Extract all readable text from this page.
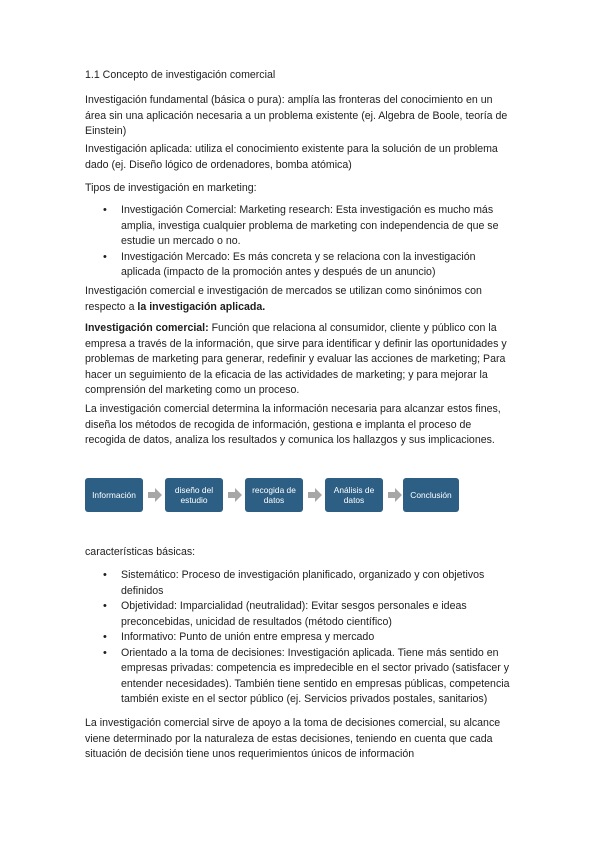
1.1 Concepto de investigación comercial

Investigación fundamental (básica o pura): amplía las fronteras del conocimiento en un área sin una aplicación necesaria a un problema existente (ej. Algebra de Boole, teoría de Einstein)

Investigación aplicada: utiliza el conocimiento existente para la solución de un problema dado (ej. Diseño lógico de ordenadores, bomba atómica)

Tipos de investigación en marketing:

• Investigación Comercial: Marketing research: Esta investigación es mucho más amplia, investiga cualquier problema de marketing con independencia de que se estudie un mercado o no.
• Investigación Mercado: Es más concreta y se relaciona con la investigación aplicada (impacto de la promoción antes y después de un anuncio)

Investigación comercial e investigación de mercados se utilizan como sinónimos con respecto a la investigación aplicada.

Investigación comercial: Función que relaciona al consumidor, cliente y público con la empresa a través de la información, que sirve para identificar y definir las oportunidades y problemas de marketing para generar, redefinir y evaluar las acciones de marketing; Para hacer un seguimiento de la eficacia de las actividades de marketing; y para mejorar la comprensión del marketing como un proceso.

La investigación comercial determina la información necesaria para alcanzar estos fines, diseña los métodos de recogida de información, gestiona e implanta el proceso de recogida de datos, analiza los resultados y comunica los hallazgos y sus implicaciones.

Información	diseño del estudio
recogida de datos
Análisis de datos	Conclusión

características básicas:

• Sistemático: Proceso de investigación planificado, organizado y con objetivos definidos
• Objetividad: Imparcialidad (neutralidad): Evitar sesgos personales e ideas preconcebidas, unicidad de resultados (método científico)
• Informativo: Punto de unión entre empresa y mercado
• Orientado a la toma de decisiones: Investigación aplicada. Tiene más sentido en empresas privadas: competencia es impredecible en el sector privado (satisfacer y entender necesidades). También tiene sentido en empresas públicas, competencia también existe en el sector público (ej. Servicios privados postales, sanitarios)

La investigación comercial sirve de apoyo a la toma de decisiones comercial, su alcance viene determinado por la naturaleza de estas decisiones, teniendo en cuenta que cada situación de decisión tiene unos requerimientos únicos de información
